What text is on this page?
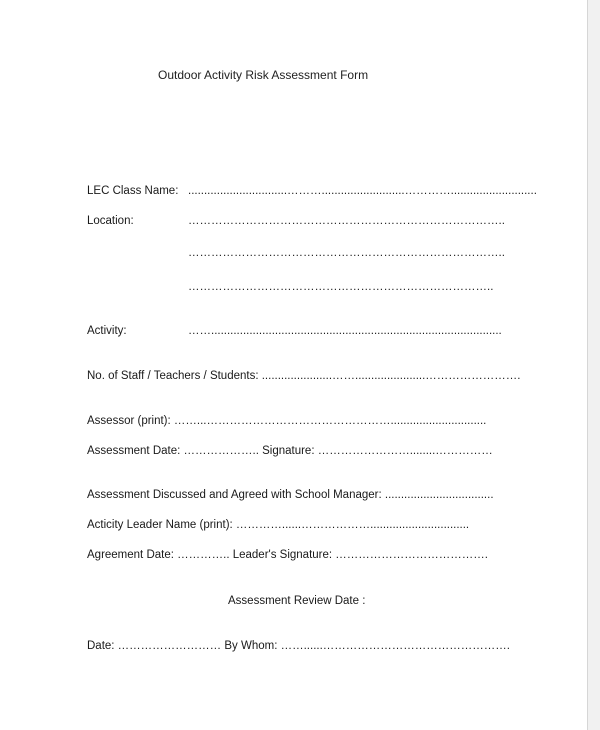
Outdoor Activity Risk Assessment Form
LEC Class Name: ...............................………..........................…………...........................
Location:	………………………………………………………………………..
………………………………………………………………………..
……………………………………………………………………..
Activity:	……...........................................................................................
No. of Staff / Teachers / Students: ......................……......................…………………….
Assessor (print): ……...…………………………………………..............................
Assessment Date: ……………….. Signature: ……………………........……………
Assessment Discussed and Agreed with School Manager: ..................................
Acticity Leader Name (print): …………......………………...............................
Agreement Date: ………….. Leader's Signature: ………………………………….
Assessment Review Date :
Date: ……………………… By Whom: ……......………………………………………….
